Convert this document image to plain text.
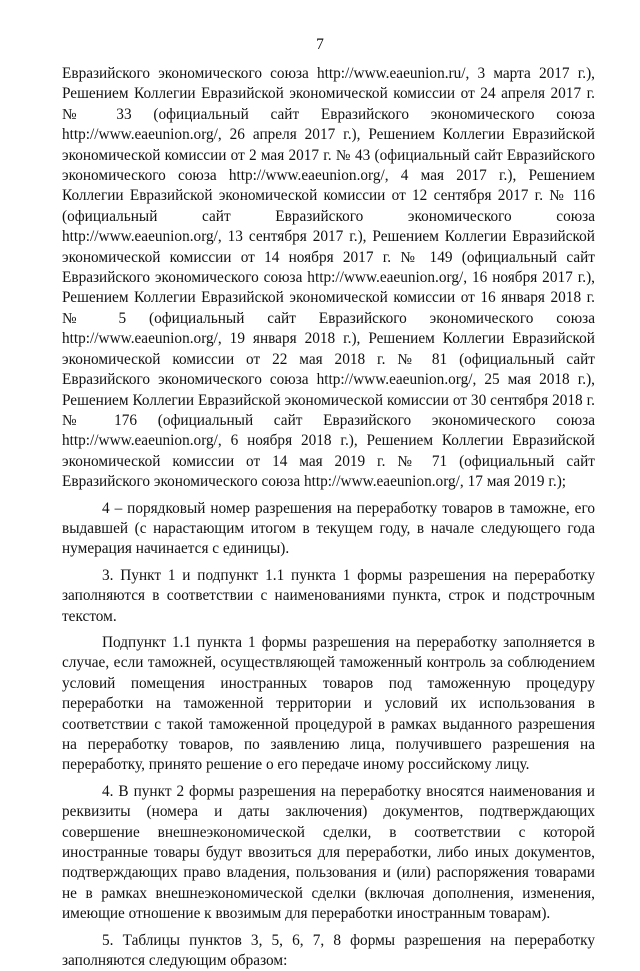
7

Евразийского экономического союза http://www.eaeunion.ru/, 3 марта 2017 г.), Решением Коллегии Евразийской экономической комиссии от 24 апреля 2017 г. № 33 (официальный сайт Евразийского экономического союза http://www.eaeunion.org/, 26 апреля 2017 г.), Решением Коллегии Евразийской экономической комиссии от 2 мая 2017 г. № 43 (официальный сайт Евразийского экономического союза http://www.eaeunion.org/, 4 мая 2017 г.), Решением Коллегии Евразийской экономической комиссии от 12 сентября 2017 г. № 116 (официальный сайт Евразийского экономического союза http://www.eaeunion.org/, 13 сентября 2017 г.), Решением Коллегии Евразийской экономической комиссии от 14 ноября 2017 г. № 149 (официальный сайт Евразийского экономического союза http://www.eaeunion.org/, 16 ноября 2017 г.), Решением Коллегии Евразийской экономической комиссии от 16 января 2018 г. № 5 (официальный сайт Евразийского экономического союза http://www.eaeunion.org/, 19 января 2018 г.), Решением Коллегии Евразийской экономической комиссии от 22 мая 2018 г. № 81 (официальный сайт Евразийского экономического союза http://www.eaeunion.org/, 25 мая 2018 г.), Решением Коллегии Евразийской экономической комиссии от 30 сентября 2018 г. № 176 (официальный сайт Евразийского экономического союза http://www.eaeunion.org/, 6 ноября 2018 г.), Решением Коллегии Евразийской экономической комиссии от 14 мая 2019 г. № 71 (официальный сайт Евразийского экономического союза http://www.eaeunion.org/, 17 мая 2019 г.);

4 – порядковый номер разрешения на переработку товаров в таможне, его выдавшей (с нарастающим итогом в текущем году, в начале следующего года нумерация начинается с единицы).

3. Пункт 1 и подпункт 1.1 пункта 1 формы разрешения на переработку заполняются в соответствии с наименованиями пункта, строк и подстрочным текстом.

Подпункт 1.1 пункта 1 формы разрешения на переработку заполняется в случае, если таможней, осуществляющей таможенный контроль за соблюдением условий помещения иностранных товаров под таможенную процедуру переработки на таможенной территории и условий их использования в соответствии с такой таможенной процедурой в рамках выданного разрешения на переработку товаров, по заявлению лица, получившего разрешения на переработку, принято решение о его передаче иному российскому лицу.

4. В пункт 2 формы разрешения на переработку вносятся наименования и реквизиты (номера и даты заключения) документов, подтверждающих совершение внешнеэкономической сделки, в соответствии с которой иностранные товары будут ввозиться для переработки, либо иных документов, подтверждающих право владения, пользования и (или) распоряжения товарами не в рамках внешнеэкономической сделки (включая дополнения, изменения, имеющие отношение к ввозимым для переработки иностранным товарам).

5. Таблицы пунктов 3, 5, 6, 7, 8 формы разрешения на переработку заполняются следующим образом:
